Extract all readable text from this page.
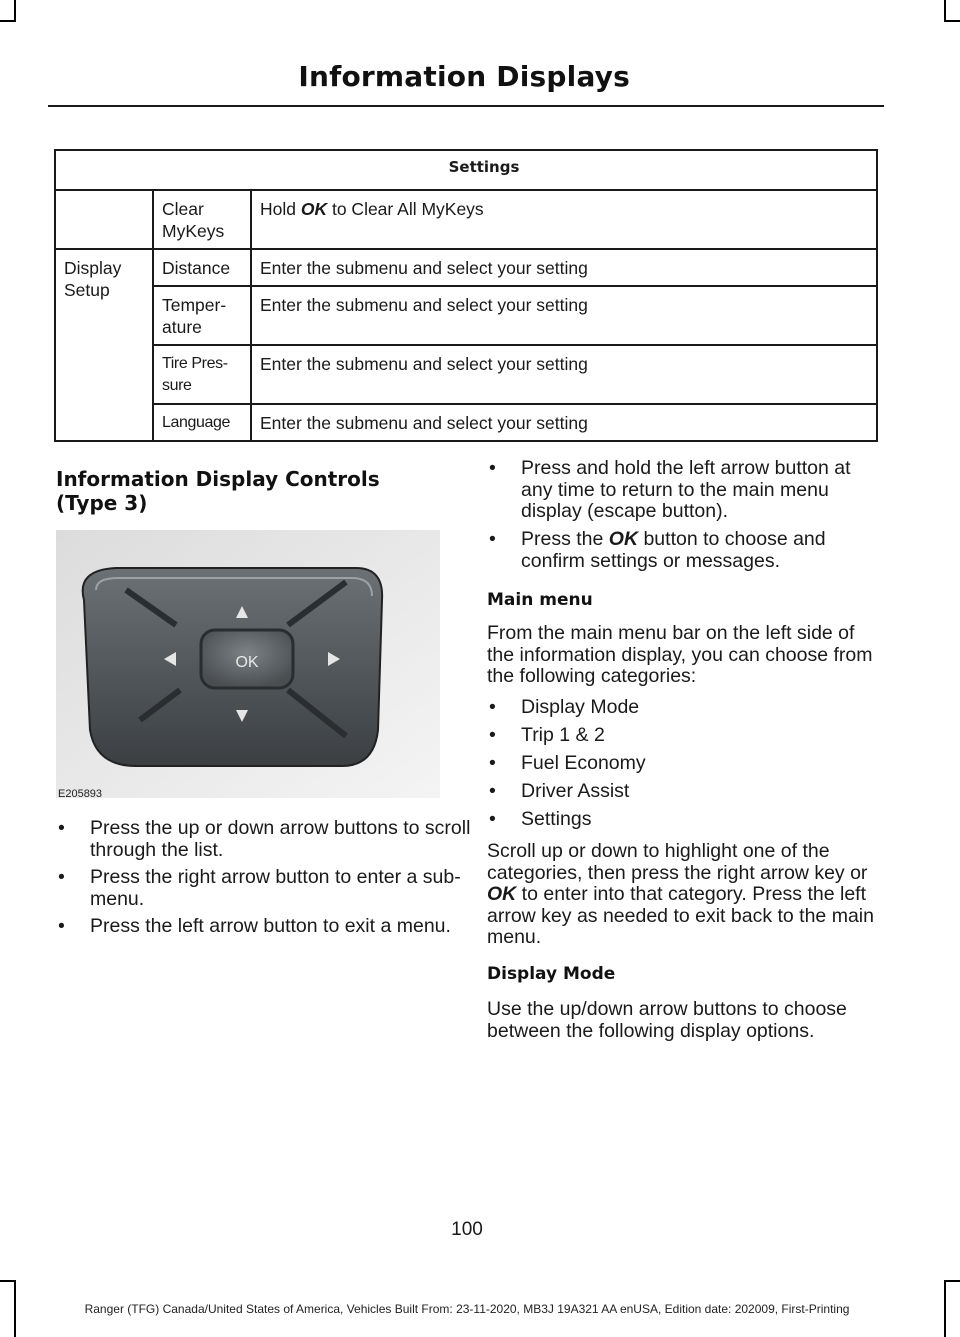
Information Displays
Settings		
	Clear MyKeys	Hold OK to Clear All MyKeys
Display Setup	Distance	Enter the submenu and select your setting
	Temper-ature	Enter the submenu and select your setting
	Tire Pres-sure	Enter the submenu and select your setting
	Language	Enter the submenu and select your setting
Information Display Controls (Type 3)
OK
E205893
• Press the up or down arrow buttons to scroll through the list.
• Press the right arrow button to enter a sub-menu.
• Press the left arrow button to exit a menu.
• Press and hold the left arrow button at any time to return to the main menu display (escape button).
• Press the OK button to choose and confirm settings or messages.
Main menu
From the main menu bar on the left side of the information display, you can choose from the following categories:
• Display Mode
• Trip 1 & 2
• Fuel Economy
• Driver Assist
• Settings
Scroll up or down to highlight one of the categories, then press the right arrow key or OK to enter into that category. Press the left arrow key as needed to exit back to the main menu.
Display Mode
Use the up/down arrow buttons to choose between the following display options.
100
Ranger (TFG) Canada/United States of America, Vehicles Built From: 23-11-2020, MB3J 19A321 AA enUSA, Edition date: 202009, First-Printing
